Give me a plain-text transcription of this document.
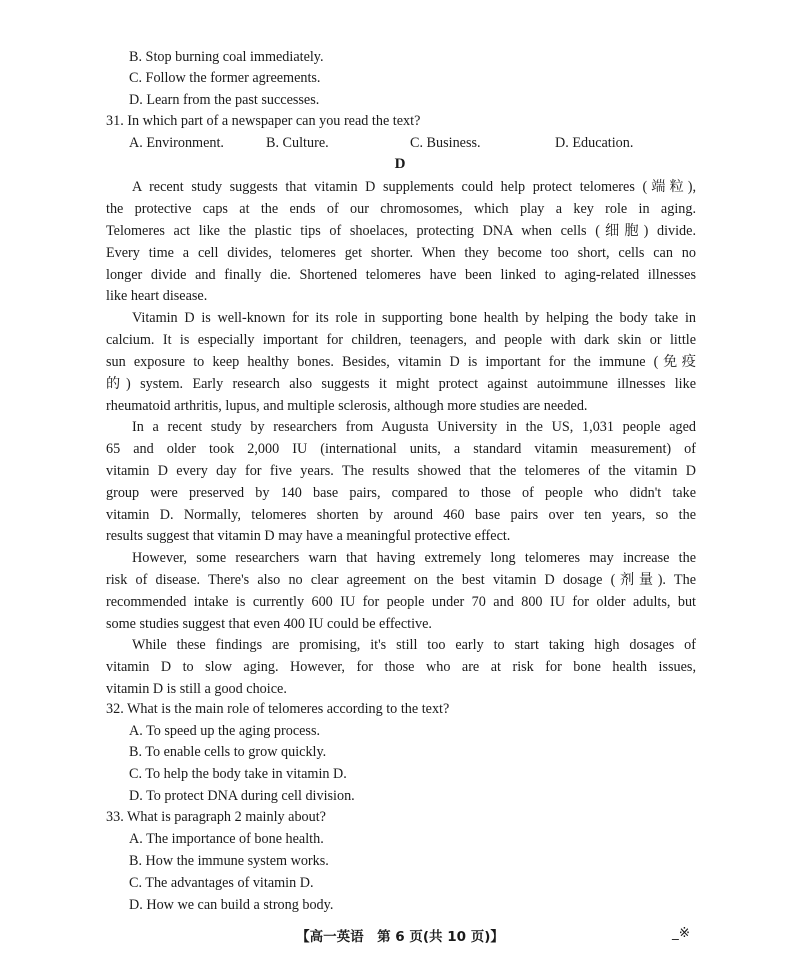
B. Stop burning coal immediately.
C. Follow the former agreements.
D. Learn from the past successes.
31. In which part of a newspaper can you read the text?
A. Environment.	B. Culture.	C. Business.	D. Education.
D
A recent study suggests that vitamin D supplements could help protect telomeres (端粒),
the protective caps at the ends of our chromosomes, which play a key role in aging.
Telomeres act like the plastic tips of shoelaces, protecting DNA when cells (细胞) divide.
Every time a cell divides, telomeres get shorter. When they become too short, cells can no
longer divide and finally die. Shortened telomeres have been linked to aging-related illnesses
like heart disease.
Vitamin D is well-known for its role in supporting bone health by helping the body take in
calcium. It is especially important for children, teenagers, and people with dark skin or little
sun exposure to keep healthy bones. Besides, vitamin D is important for the immune (免疫
的) system. Early research also suggests it might protect against autoimmune illnesses like
rheumatoid arthritis, lupus, and multiple sclerosis, although more studies are needed.
In a recent study by researchers from Augusta University in the US, 1,031 people aged
65 and older took 2,000 IU (international units, a standard vitamin measurement) of
vitamin D every day for five years. The results showed that the telomeres of the vitamin D
group were preserved by 140 base pairs, compared to those of people who didn't take
vitamin D. Normally, telomeres shorten by around 460 base pairs over ten years, so the
results suggest that vitamin D may have a meaningful protective effect.
However, some researchers warn that having extremely long telomeres may increase the
risk of disease. There's also no clear agreement on the best vitamin D dosage (剂量). The
recommended intake is currently 600 IU for people under 70 and 800 IU for older adults, but
some studies suggest that even 400 IU could be effective.
While these findings are promising, it's still too early to start taking high dosages of
vitamin D to slow aging. However, for those who are at risk for bone health issues,
vitamin D is still a good choice.
32. What is the main role of telomeres according to the text?
A. To speed up the aging process.
B. To enable cells to grow quickly.
C. To help the body take in vitamin D.
D. To protect DNA during cell division.
33. What is paragraph 2 mainly about?
A. The importance of bone health.
B. How the immune system works.
C. The advantages of vitamin D.
D. How we can build a strong body.
【高一英语　第 6 页(共 10 页)】	_※
